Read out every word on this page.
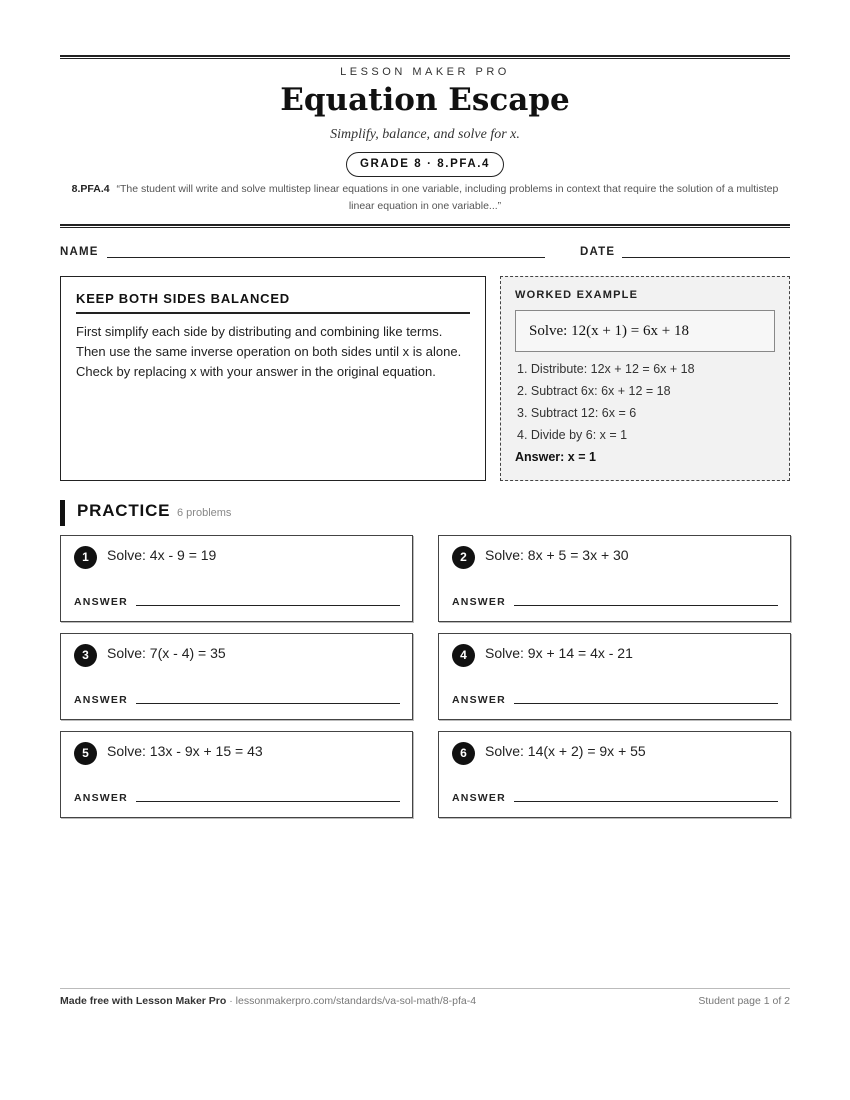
LESSON MAKER PRO
Equation Escape
Simplify, balance, and solve for x.
GRADE 8 · 8.PFA.4
8.PFA.4 “The student will write and solve multistep linear equations in one variable, including problems in context that require the solution of a multistep linear equation in one variable...”
NAME	DATE
KEEP BOTH SIDES BALANCED
First simplify each side by distributing and combining like terms. Then use the same inverse operation on both sides until x is alone. Check by replacing x with your answer in the original equation.
WORKED EXAMPLE
Solve: 12(x + 1) = 6x + 18
1. Distribute: 12x + 12 = 6x + 18
2. Subtract 6x: 6x + 12 = 18
3. Subtract 12: 6x = 6
4. Divide by 6: x = 1
Answer: x = 1
PRACTICE 6 problems
1	Solve: 4x - 9 = 19
ANSWER
2	Solve: 8x + 5 = 3x + 30
ANSWER
3	Solve: 7(x - 4) = 35
ANSWER
4	Solve: 9x + 14 = 4x - 21
ANSWER
5	Solve: 13x - 9x + 15 = 43
ANSWER
6	Solve: 14(x + 2) = 9x + 55
ANSWER
Made free with Lesson Maker Pro · lessonmakerpro.com/standards/va-sol-math/8-pfa-4	Student page 1 of 2
